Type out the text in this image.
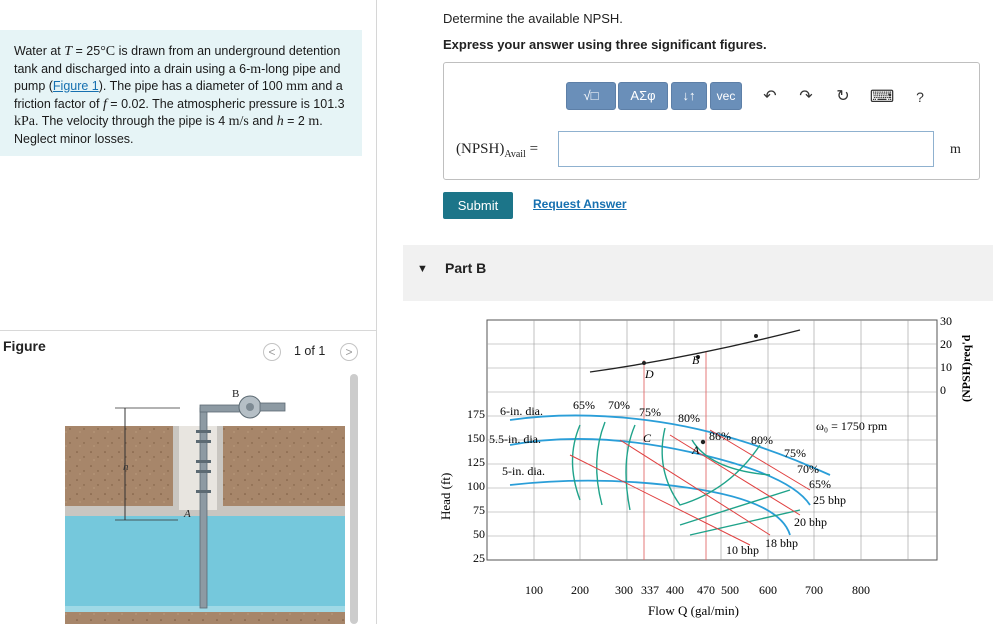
Water at T = 25°C is drawn from an underground detention tank and discharged into a drain using a 6-m-long pipe and pump (Figure 1). The pipe has a diameter of 100 mm and a friction factor of f = 0.02. The atmospheric pressure is 101.3 kPa. The velocity through the pipe is 4 m/s and h = 2 m. Neglect minor losses.
Figure	<	1 of 1	>
h
B
A
Determine the available NPSH.
Express your answer using three significant figures.
√□	ΑΣφ	↓↑	vec	↶ ↷ ↻ ⌨	?
$(NPSH)_{Avail}$ =	m
Submit	Request Answer
▼ Part B
Head (ft)
Flow Q (gal/min)
175
150
125
100
75
50
25
100 200 300 337 400 470 500 600 700 800
30
20
10
0 (NPSH)req'd
ω₀ = 1750 rpm
6-in. dia.
5.5-in. dia.
5-in. dia.
65% 70% 75% 80%
86% 80%
75%
70%
65%
25 bhp
20 bhp
18 bhp
10 bhp
B
D
C
A
